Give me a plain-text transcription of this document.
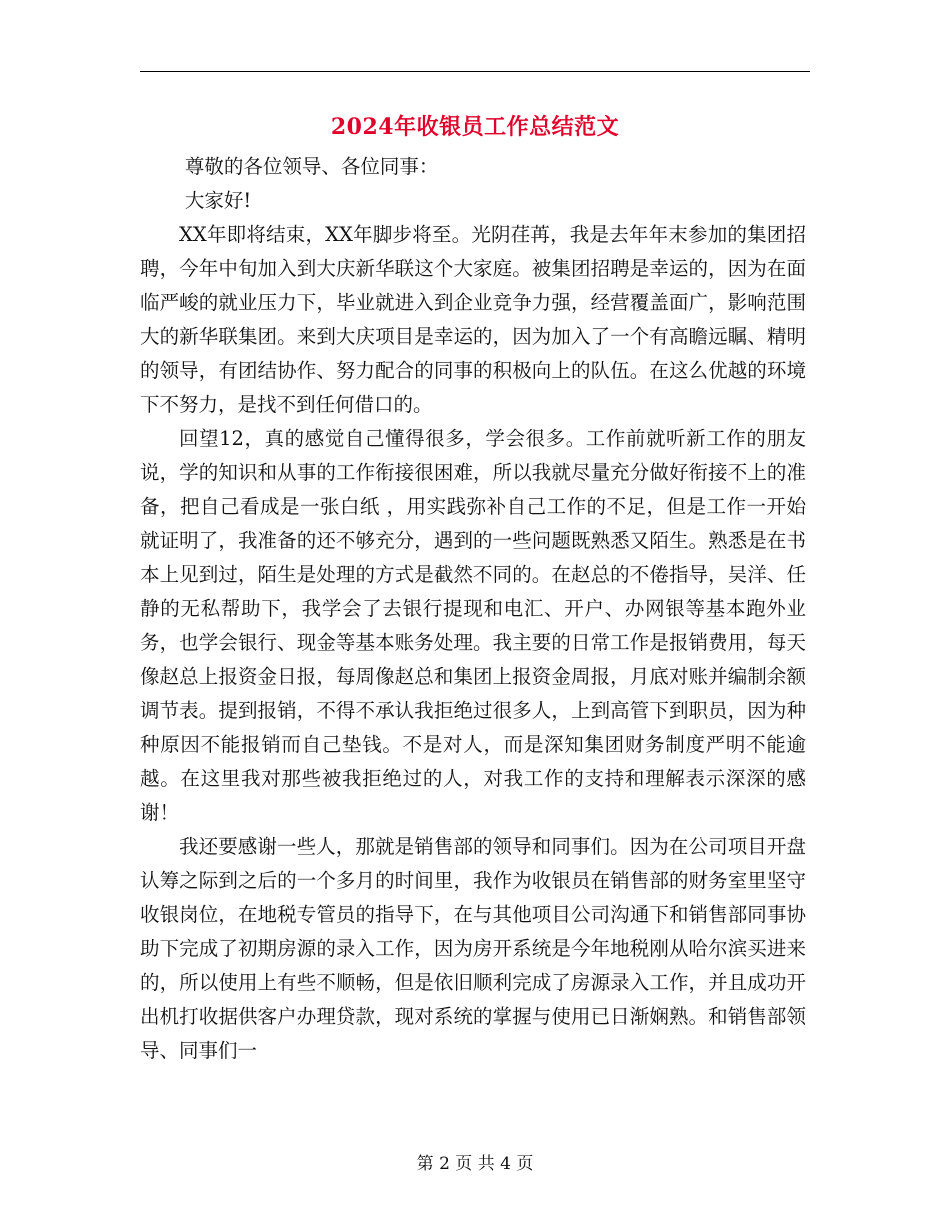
2024年收银员工作总结范文

尊敬的各位领导、各位同事：

大家好!

XX年即将结束，XX年脚步将至。光阴荏苒，我是去年年末参加的集团招聘，今年中旬加入到大庆新华联这个大家庭。被集团招聘是幸运的，因为在面临严峻的就业压力下，毕业就进入到企业竞争力强，经营覆盖面广，影响范围大的新华联集团。来到大庆项目是幸运的，因为加入了一个有高瞻远瞩、精明的领导，有团结协作、努力配合的同事的积极向上的队伍。在这么优越的环境下不努力，是找不到任何借口的。

回望12，真的感觉自己懂得很多，学会很多。工作前就听新工作的朋友说，学的知识和从事的工作衔接很困难，所以我就尽量充分做好衔接不上的准备，把自己看成是一张白纸 ，用实践弥补自己工作的不足，但是工作一开始就证明了，我准备的还不够充分，遇到的一些问题既熟悉又陌生。熟悉是在书本上见到过，陌生是处理的方式是截然不同的。在赵总的不倦指导，吴洋、任静的无私帮助下，我学会了去银行提现和电汇、开户、办网银等基本跑外业务，也学会银行、现金等基本账务处理。我主要的日常工作是报销费用，每天像赵总上报资金日报，每周像赵总和集团上报资金周报，月底对账并编制余额调节表。提到报销，不得不承认我拒绝过很多人，上到高管下到职员，因为种种原因不能报销而自己垫钱。不是对人，而是深知集团财务制度严明不能逾越。在这里我对那些被我拒绝过的人，对我工作的支持和理解表示深深的感谢！

我还要感谢一些人，那就是销售部的领导和同事们。因为在公司项目开盘认筹之际到之后的一个多月的时间里，我作为收银员在销售部的财务室里坚守收银岗位，在地税专管员的指导下，在与其他项目公司沟通下和销售部同事协助下完成了初期房源的录入工作，因为房开系统是今年地税刚从哈尔滨买进来的，所以使用上有些不顺畅，但是依旧顺利完成了房源录入工作，并且成功开出机打收据供客户办理贷款，现对系统的掌握与使用已日渐娴熟。和销售部领导、同事们一

第 2 页 共 4 页
